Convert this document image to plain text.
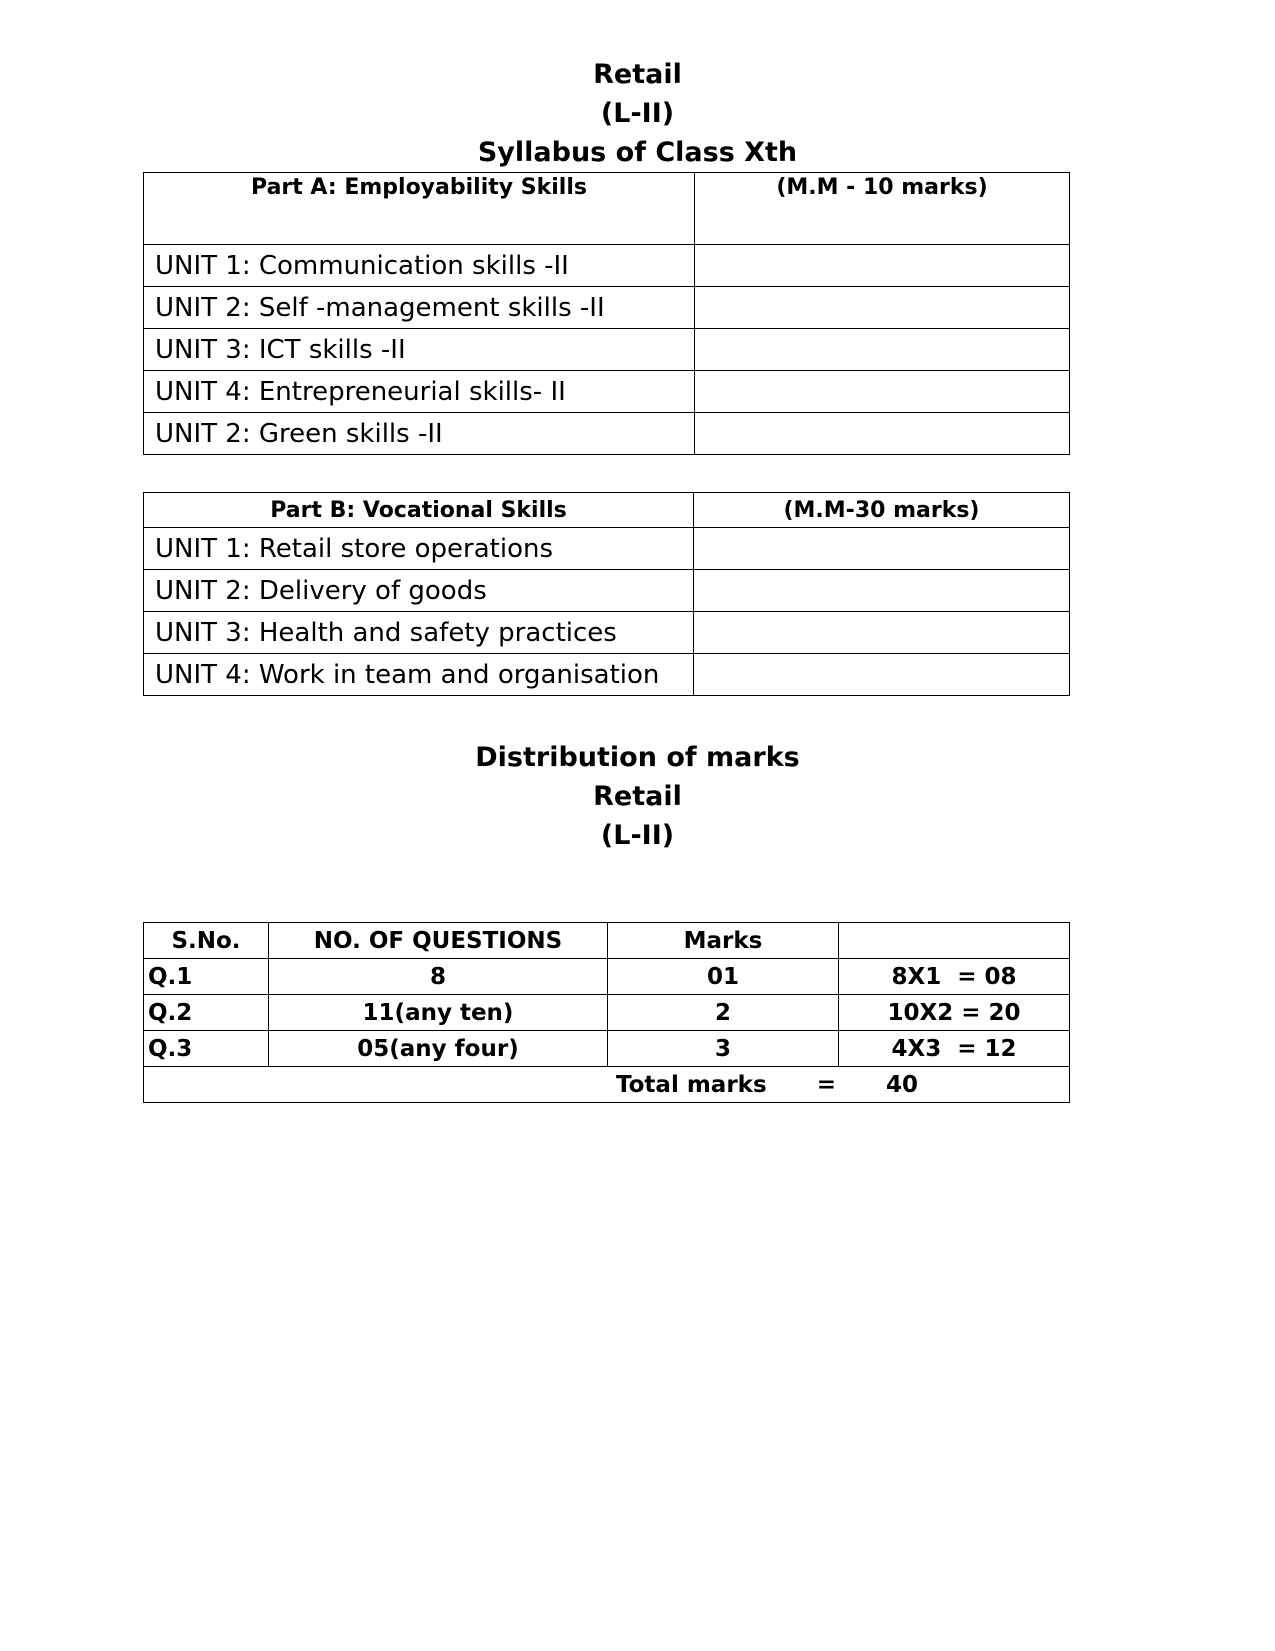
Retail
(L-II)
Syllabus of Class Xth
Part A: Employability Skills	(M.M - 10 marks)
UNIT 1: Communication skills -II	
UNIT 2: Self -management skills -II	
UNIT 3: ICT skills -II	
UNIT 4: Entrepreneurial skills- II	
UNIT 2: Green skills -II	
Part B: Vocational Skills	(M.M-30 marks)
UNIT 1: Retail store operations	
UNIT 2: Delivery of goods	
UNIT 3: Health and safety practices	
UNIT 4: Work in team and organisation	
Distribution of marks
Retail
(L-II)
S.No.	NO. OF QUESTIONS	Marks	
Q.1	8	01	8X1  = 08
Q.2	11(any ten)	2	10X2 = 20
Q.3	05(any four)	3	4X3  = 12
Total marks = 40			
